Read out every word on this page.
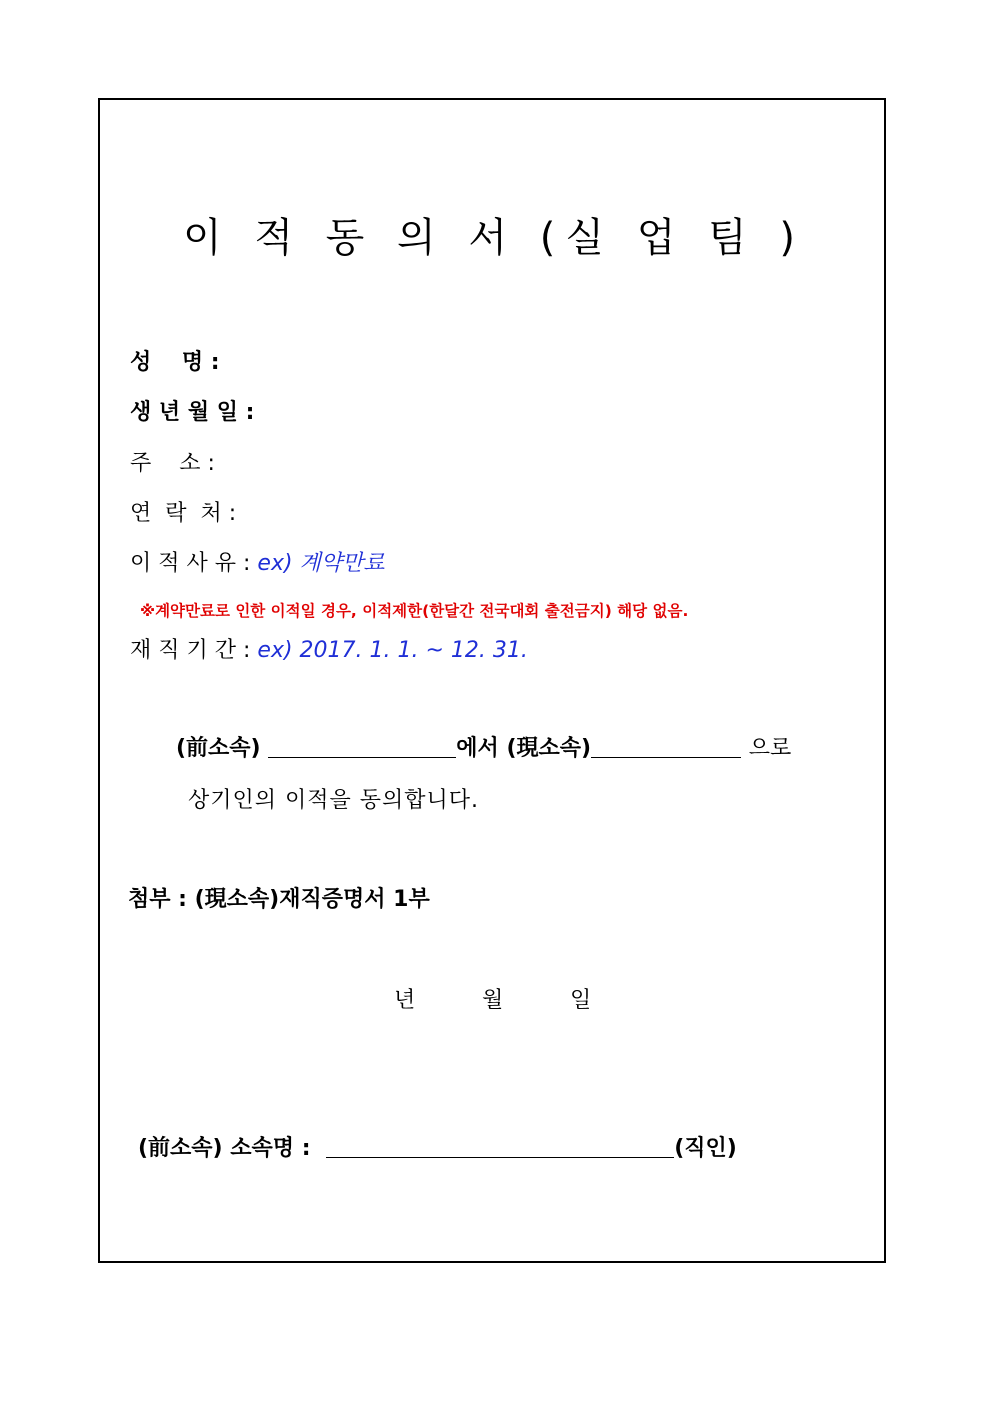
이 적 동 의 서 (실 업 팀 )
성    명 :
생 년 월 일 :
주    소 :
연  락  처 :
이 적 사 유 : ex) 계약만료
※계약만료로 인한 이적일 경우, 이적제한(한달간 전국대회 출전금지) 해당 없음.
재 직 기 간 : ex) 2017. 1. 1. ~ 12. 31.
(前소속)	에서 (現소속)	으로
상기인의 이적을 동의합니다.
첨부 : (現소속)재직증명서 1부
년	월	일
(前소속) 소속명 :	(직인)
